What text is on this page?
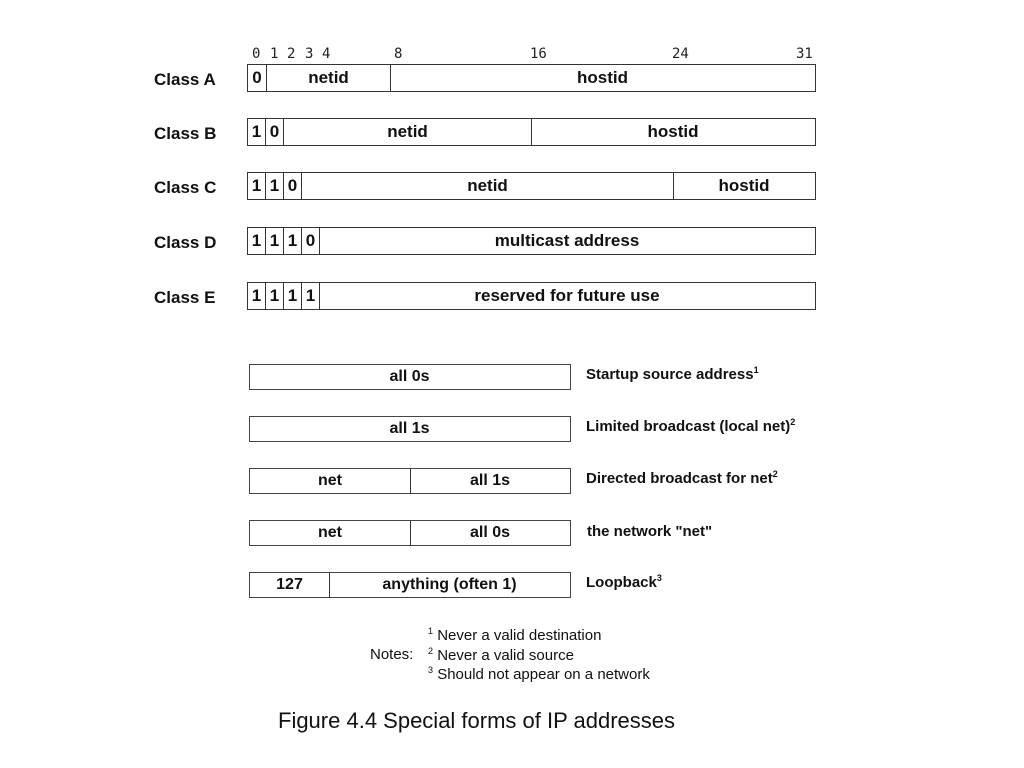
0 1 2 3 4	8	16	24	31
Class A 0	netid	hostid
Class B 1 0	netid	hostid
Class C 1 1 0	netid	hostid
Class D 1 1 1 0	multicast address
Class E 1 1 1 1	reserved for future use
all 0s	Startup source address$^1$
all 1s	Limited broadcast (local net)$^2$
net	all 1s	Directed broadcast for net$^2$
net	all 0s	the network "net"
127	anything (often 1)	Loopback$^3$
Notes:
$^1$ Never a valid destination
$^2$ Never a valid source
$^3$ Should not appear on a network
Figure 4.4 Special forms of IP addresses
